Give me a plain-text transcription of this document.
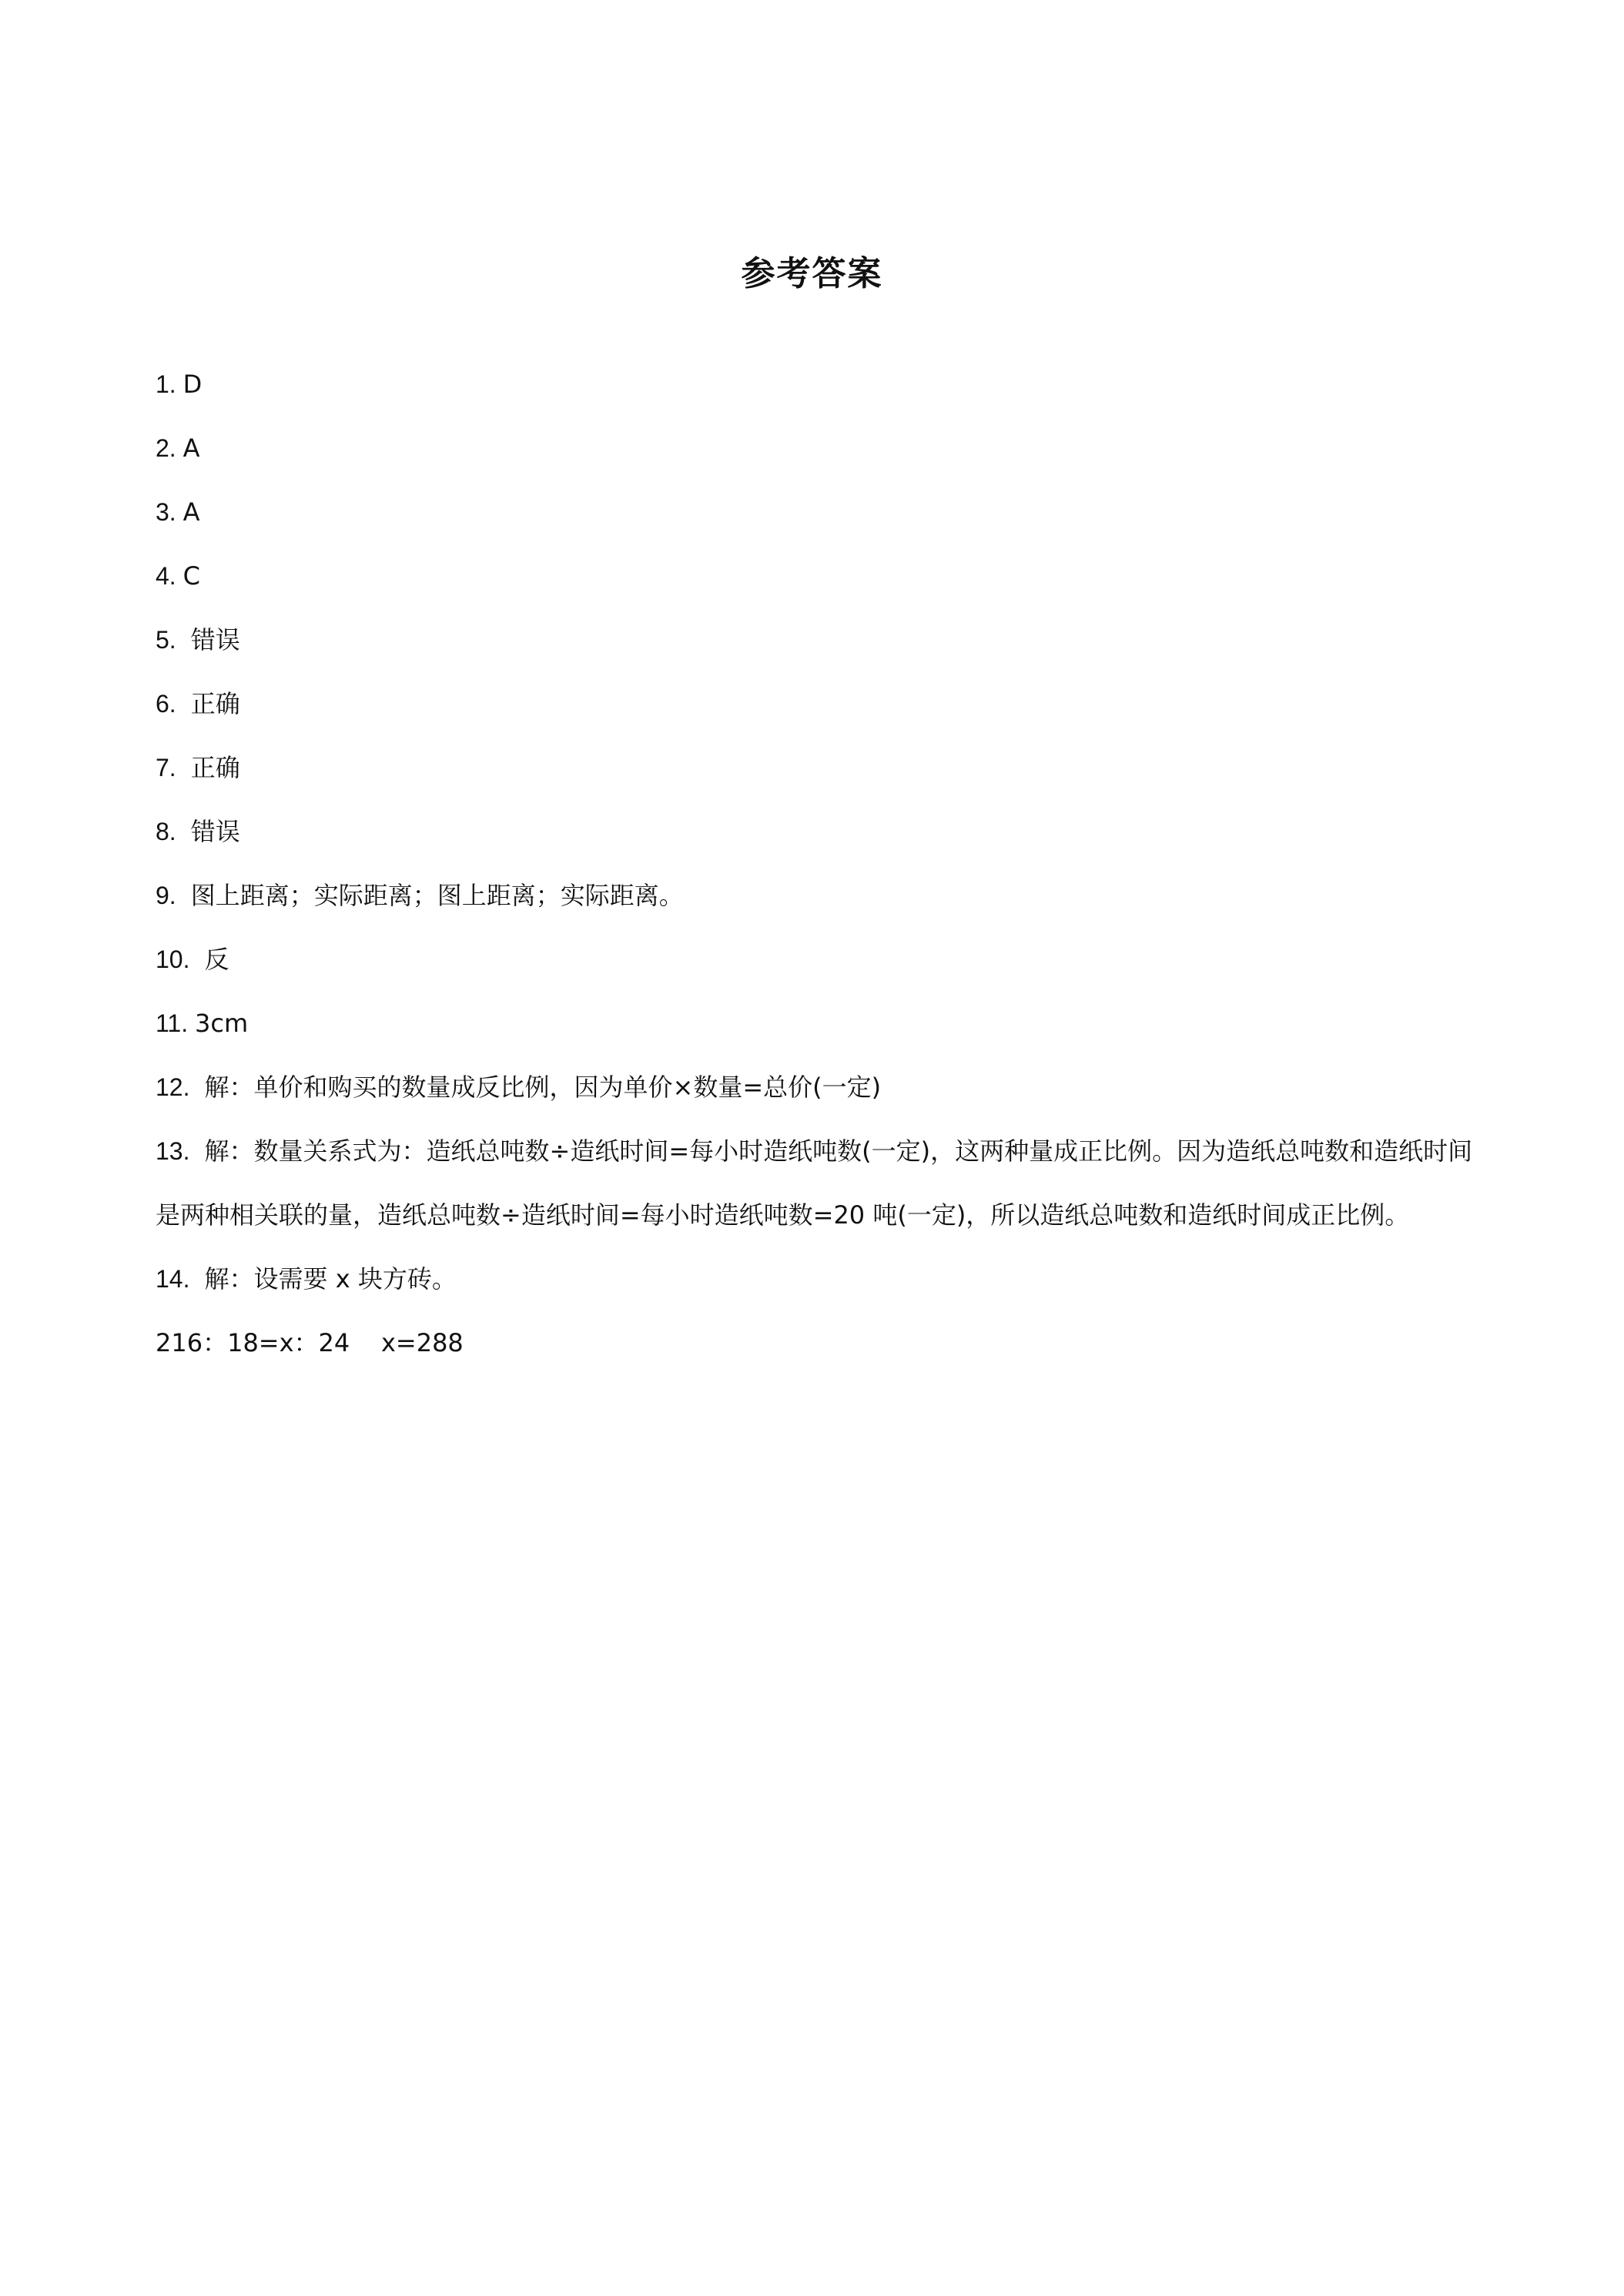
参考答案
1. D
2. A
3. A
4. C
5.  错误
6.  正确
7.  正确
8.  错误
9.  图上距离；实际距离；图上距离；实际距离。
10.  反
11. 3cm
12.  解：单价和购买的数量成反比例，因为单价×数量=总价(一定)
13.  解：数量关系式为：造纸总吨数÷造纸时间=每小时造纸吨数(一定)，这两种量成正比例。因为造纸总吨数和造纸时间是两种相关联的量，造纸总吨数÷造纸时间=每小时造纸吨数=20 吨(一定)，所以造纸总吨数和造纸时间成正比例。
14.  解：设需要 x 块方砖。
216：18=x：24    x=288
